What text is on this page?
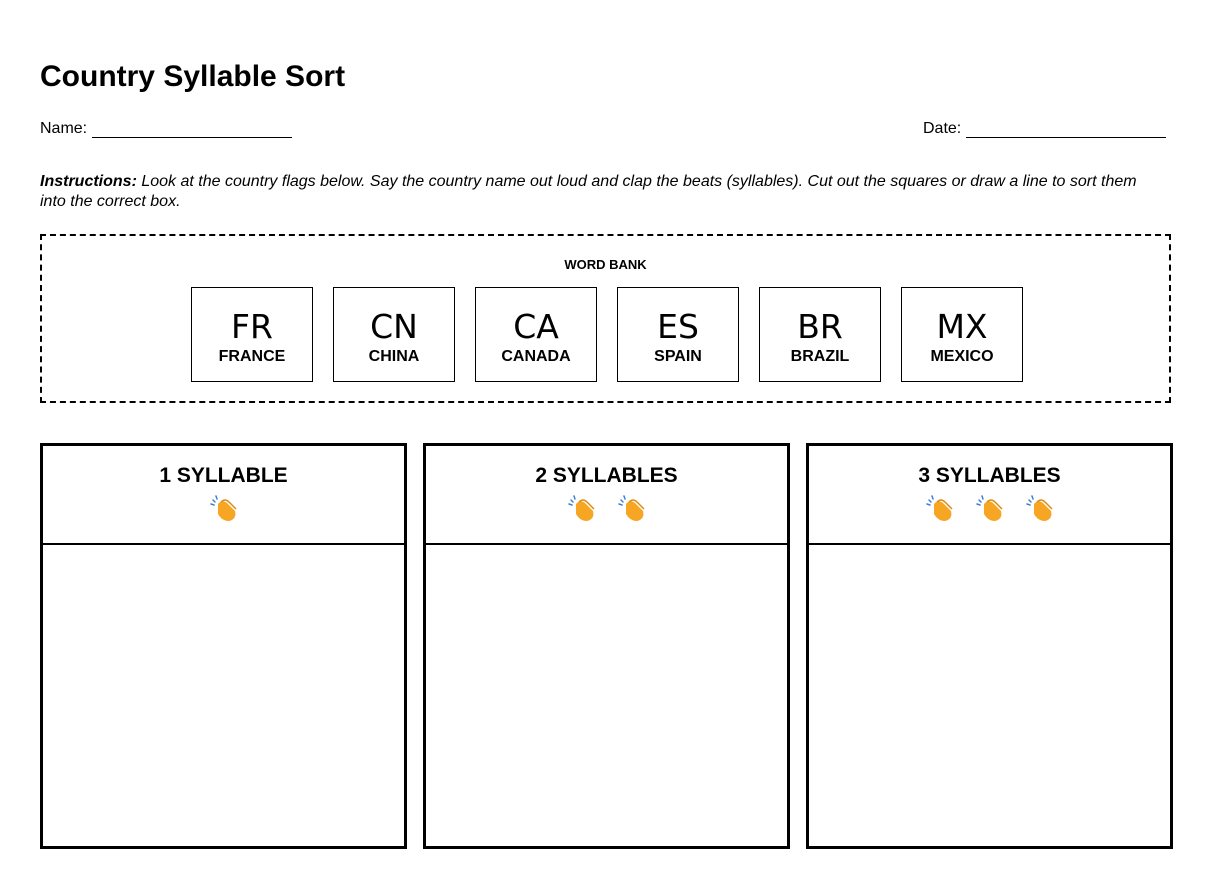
Country Syllable Sort
Name:	Date:
Instructions: Look at the country flags below. Say the country name out loud and clap the beats (syllables). Cut out the squares or draw a line to sort them into the correct box.
WORD BANK
FR
FRANCE
CN
CHINA
CA
CANADA
ES
SPAIN
BR
BRAZIL
MX
MEXICO
1 SYLLABLE	2 SYLLABLES	3 SYLLABLES
